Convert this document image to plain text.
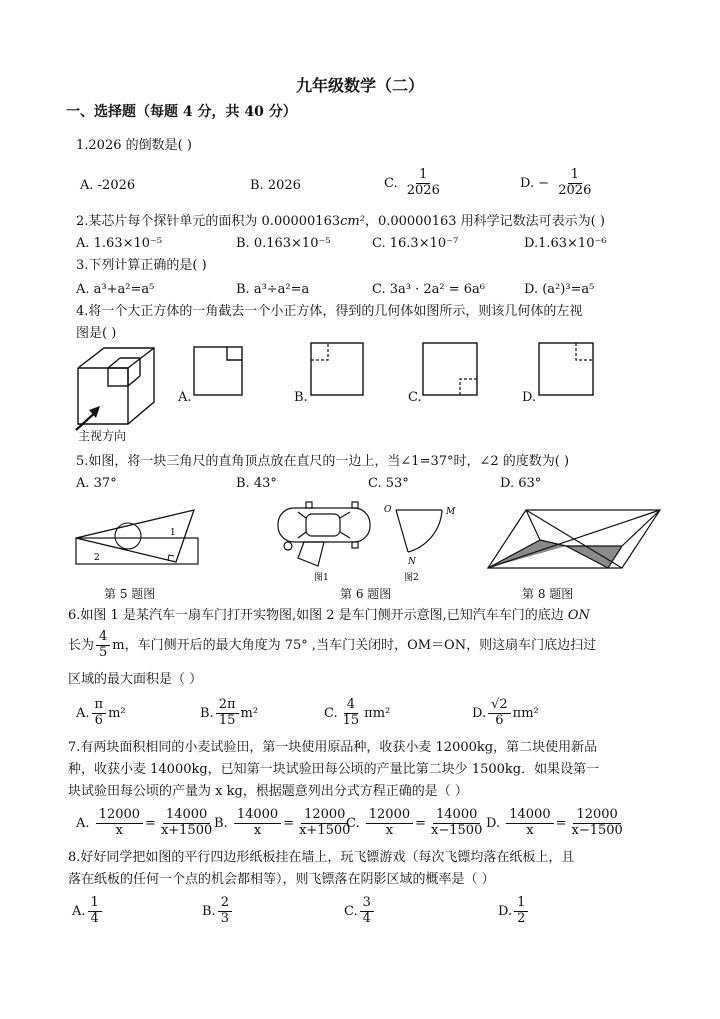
九年级数学（二）
一、选择题（每题 4 分，共 40 分）
1.2026 的倒数是( )
A. -2026	B. 2026	C. $\frac{1}{2026}$	D. − $\frac{1}{2026}$
2.某芯片每个探针单元的面积为 0.00000163cm²，0.00000163 用科学记数法可表示为( )
A. 1.63×10⁻⁵	B. 0.163×10⁻⁵	C. 16.3×10⁻⁷	D.1.63×10⁻⁶
3.下列计算正确的是( )
A. a³+a²=a⁵	B. a³÷a²=a	C. 3a³ · 2a² = 6a⁶	D. (a²)³=a⁵
4.将一个大正方体的一角截去一个小正方体，得到的几何体如图所示，则该几何体的左视
图是( )
主视方向
A.	B.	C.	D.
5.如图，将一块三角尺的直角顶点放在直尺的一边上，当∠1=37°时，∠2 的度数为( )
A. 37°	B. 43°	C. 53°	D. 63°
1
2
第 5 题图
图1
O	M
N
图2
第 6 题图	第 8 题图
6.如图 1 是某汽车一扇车门打开实物图,如图 2 是车门侧开示意图,已知汽车车门的底边 ON
长为 $\frac{4}{5}$ m，车门侧开后的最大角度为 75° ,当车门关闭时，OM＝ON，则这扇车门底边扫过
区域的最大面积是（ ）
A. $\frac{\pi}{6} m^2$	B. $\frac{2\pi}{15} m^2$	C. $\frac{4}{15} \pi m^2$	D. $\frac{√2}{6} \pi m^2$
7.有两块面积相同的小麦试验田，第一块使用原品种，收获小麦 12000kg，第二块使用新品
种，收获小麦 14000kg，已知第一块试验田每公顷的产量比第二块少 1500kg．如果设第一
块试验田每公顷的产量为 x kg，根据题意列出分式方程正确的是（ ）
A. $\frac{12000}{x} = \frac{14000}{x+1500}$
B. $\frac{14000}{x} = \frac{12000}{x+1500}$
C. $\frac{12000}{x} = \frac{14000}{x-1500} D$. $\frac{14000}{x} = \frac{12000}{x-1500}$
8.好好同学把如图的平行四边形纸板挂在墙上，玩飞镖游戏（每次飞镖均落在纸板上，且
落在纸板的任何一个点的机会都相等），则飞镖落在阴影区域的概率是（ ）
A. $\frac{1}{4}$	B. $\frac{2}{3}$	C. $\frac{3}{4}$	D. $\frac{1}{2}$
